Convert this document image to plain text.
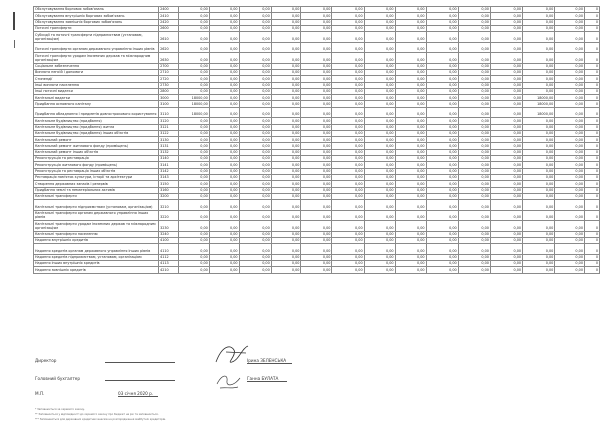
Обслуговування боргових зобов'язань	2400	0,00	0,00	0,00	0,00	0,00	0,00	0,00	0,00	0,00	0,00	0,00	0,00	0,00	0
Обслуговування внутрішніх боргових зобов'язань	2410	0,00	0,00	0,00	0,00	0,00	0,00	0,00	0,00	0,00	0,00	0,00	0,00	0,00	0
Обслуговування зовнішніх боргових зобов'язань	2420	0,00	0,00	0,00	0,00	0,00	0,00	0,00	0,00	0,00	0,00	0,00	0,00	0,00	0
Поточні трансферти	2600	0,00	0,00	0,00	0,00	0,00	0,00	0,00	0,00	0,00	0,00	0,00	0,00	0,00	0
Субсидії та поточні трансферти підприємствам (установам, організаціям)	2610	0,00	0,00	0,00	0,00	0,00	0,00	0,00	0,00	0,00	0,00	0,00	0,00	0,00	0
Поточні трансферти органам державного управління інших рівнів	2620	0,00	0,00	0,00	0,00	0,00	0,00	0,00	0,00	0,00	0,00	0,00	0,00	0,00	0
Поточні трансферти урядам іноземних держав та міжнародним організаціям	2630	0,00	0,00	0,00	0,00	0,00	0,00	0,00	0,00	0,00	0,00	0,00	0,00	0,00	0
Соціальне забезпечення	2700	0,00	0,00	0,00	0,00	0,00	0,00	0,00	0,00	0,00	0,00	0,00	0,00	0,00	0
Виплата пенсій і допомоги	2710	0,00	0,00	0,00	0,00	0,00	0,00	0,00	0,00	0,00	0,00	0,00	0,00	0,00	0
Стипендії	2720	0,00	0,00	0,00	0,00	0,00	0,00	0,00	0,00	0,00	0,00	0,00	0,00	0,00	0
Інші виплати населенню	2730	0,00	0,00	0,00	0,00	0,00	0,00	0,00	0,00	0,00	0,00	0,00	0,00	0,00	0
Інші поточні видатки	2800	0,00	0,00	0,00	0,00	0,00	0,00	0,00	0,00	0,00	0,00	0,00	0,00	0,00	0
Капітальні видатки	3000	18000,00	0,00	0,00	0,00	0,00	0,00	0,00	0,00	0,00	0,00	0,00	18000,00	0,00	0
Придбання основного капіталу	3100	18000,00	0,00	0,00	0,00	0,00	0,00	0,00	0,00	0,00	0,00	0,00	18000,00	0,00	0
Придбання обладнання і предметів довгострокового користування	3110	18000,00	0,00	0,00	0,00	0,00	0,00	0,00	0,00	0,00	0,00	0,00	18000,00	0,00	0
Капітальне будівництво (придбання)	3120	0,00	0,00	0,00	0,00	0,00	0,00	0,00	0,00	0,00	0,00	0,00	0,00	0,00	0
Капітальне будівництво (придбання) житла	3121	0,00	0,00	0,00	0,00	0,00	0,00	0,00	0,00	0,00	0,00	0,00	0,00	0,00	0
Капітальне будівництво (придбання) інших об'єктів	3122	0,00	0,00	0,00	0,00	0,00	0,00	0,00	0,00	0,00	0,00	0,00	0,00	0,00	0
Капітальний ремонт	3130	0,00	0,00	0,00	0,00	0,00	0,00	0,00	0,00	0,00	0,00	0,00	0,00	0,00	0
Капітальний ремонт житлового фонду (приміщень)	3131	0,00	0,00	0,00	0,00	0,00	0,00	0,00	0,00	0,00	0,00	0,00	0,00	0,00	0
Капітальний ремонт інших об'єктів	3132	0,00	0,00	0,00	0,00	0,00	0,00	0,00	0,00	0,00	0,00	0,00	0,00	0,00	0
Реконструкція та реставрація	3140	0,00	0,00	0,00	0,00	0,00	0,00	0,00	0,00	0,00	0,00	0,00	0,00	0,00	0
Реконструкція житлового фонду (приміщень)	3141	0,00	0,00	0,00	0,00	0,00	0,00	0,00	0,00	0,00	0,00	0,00	0,00	0,00	0
Реконструкція та реставрація інших об'єктів	3142	0,00	0,00	0,00	0,00	0,00	0,00	0,00	0,00	0,00	0,00	0,00	0,00	0,00	0
Реставрація пам'яток культури, історії та архітектури	3143	0,00	0,00	0,00	0,00	0,00	0,00	0,00	0,00	0,00	0,00	0,00	0,00	0,00	0
Створення державних запасів і резервів	3150	0,00	0,00	0,00	0,00	0,00	0,00	0,00	0,00	0,00	0,00	0,00	0,00	0,00	0
Придбання землі та нематеріальних активів	3160	0,00	0,00	0,00	0,00	0,00	0,00	0,00	0,00	0,00	0,00	0,00	0,00	0,00	0
Капітальні трансферти	3200	0,00	0,00	0,00	0,00	0,00	0,00	0,00	0,00	0,00	0,00	0,00	0,00	0,00	0
Капітальні трансферти підприємствам (установам, організаціям)	3210	0,00	0,00	0,00	0,00	0,00	0,00	0,00	0,00	0,00	0,00	0,00	0,00	0,00	0
Капітальні трансферти органам державного управління інших рівнів	3220	0,00	0,00	0,00	0,00	0,00	0,00	0,00	0,00	0,00	0,00	0,00	0,00	0,00	0
Капітальні трансферти урядам іноземних держав та міжнародним організаціям	3230	0,00	0,00	0,00	0,00	0,00	0,00	0,00	0,00	0,00	0,00	0,00	0,00	0,00	0
Капітальні трансферти населенню	3240	0,00	0,00	0,00	0,00	0,00	0,00	0,00	0,00	0,00	0,00	0,00	0,00	0,00	0
Надання внутрішніх кредитів	4100	0,00	0,00	0,00	0,00	0,00	0,00	0,00	0,00	0,00	0,00	0,00	0,00	0,00	0
Надання кредитів органам державного управління інших рівнів	4110	0,00	0,00	0,00	0,00	0,00	0,00	0,00	0,00	0,00	0,00	0,00	0,00	0,00	0
Надання кредитів підприємствам, установам, організаціям	4112	0,00	0,00	0,00	0,00	0,00	0,00	0,00	0,00	0,00	0,00	0,00	0,00	0,00	0
Надання інших внутрішніх кредитів	4113	0,00	0,00	0,00	0,00	0,00	0,00	0,00	0,00	0,00	0,00	0,00	0,00	0,00	0
Надання зовнішніх кредитів	4210	0,00	0,00	0,00	0,00	0,00	0,00	0,00	0,00	0,00	0,00	0,00	0,00	0,00	0
Директор	Ірина ЗЕЛЕНСЬКА
Головний бухгалтер	Ганна БУЛАТА
М.П.	03 січня 2020 р.
* Заповнюється за окремого закону.
** Заповнюється у відповідності до окремого закону про бюджет на рік та заповнюється.
*** Заповнюється для державних кредитних внесків на розпорядження майбутніх кредиторів.
